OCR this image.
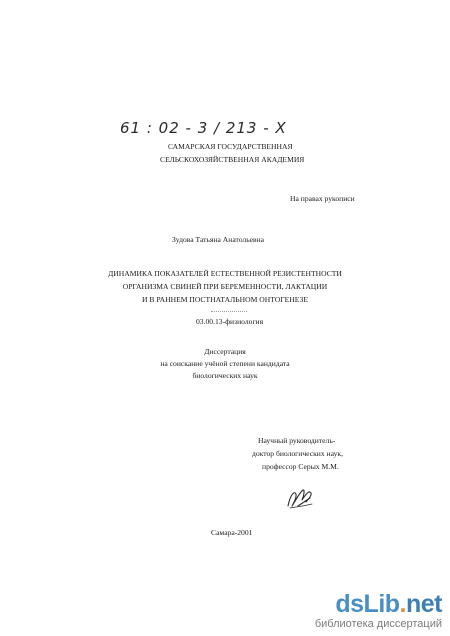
61 : 02 - 3 / 213 - X
САМАРСКАЯ ГОСУДАРСТВЕННАЯ
СЕЛЬСКОХОЗЯЙСТВЕННАЯ АКАДЕМИЯ
На правах рукописи
Зудова Татьяна Анатольевна
ДИНАМИКА ПОКАЗАТЕЛЕЙ ЕСТЕСТВЕННОЙ РЕЗИСТЕНТНОСТИ
ОРГАНИЗМА СВИНЕЙ ПРИ БЕРЕМЕННОСТИ, ЛАКТАЦИИ
И В РАННЕМ ПОСТНАТАЛЬНОМ ОНТОГЕНЕЗЕ
03.00.13-физиология
Диссертация
на соискание учёной степени кандидата
биологических наук
Научный руководитель-
доктор биологических наук,
профессор Серых М.М.
Самара-2001
dsLib.net
библиотека диссертаций
